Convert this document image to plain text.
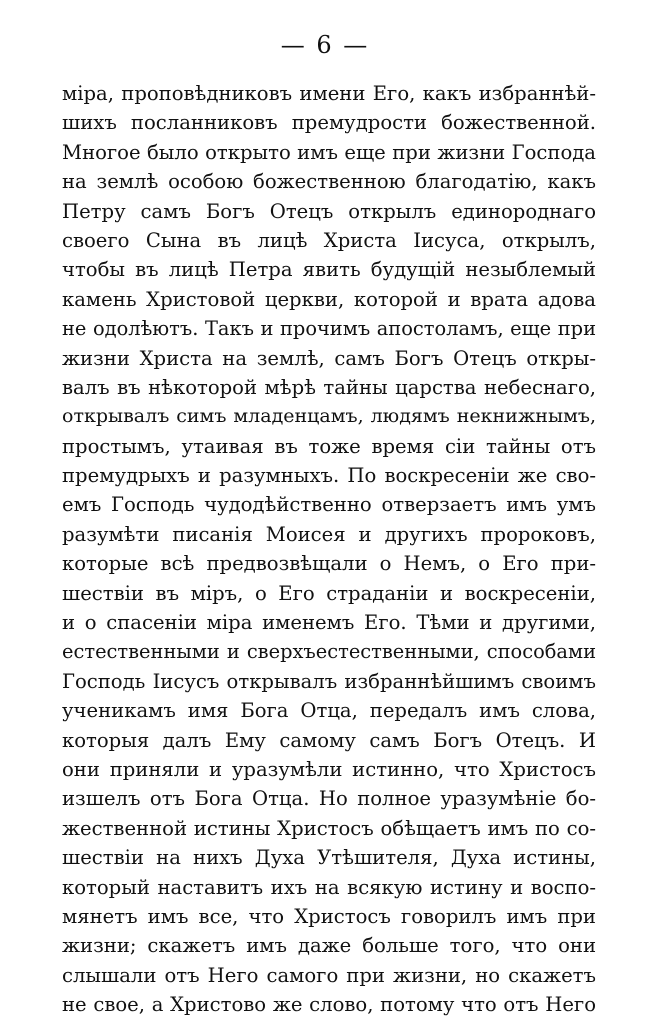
— 6 —
міра, проповѣдниковъ имени Его, какъ избраннѣй-
шихъ посланниковъ премудрости божественной.
Многое было открыто имъ еще при жизни Господа
на землѣ особою божественною благодатію, какъ
Петру самъ Богъ Отецъ открылъ единороднаго
своего Сына въ лицѣ Христа Іисуса, открылъ,
чтобы въ лицѣ Петра явить будущій незыблемый
камень Христовой церкви, которой и врата адова
не одолѣютъ. Такъ и прочимъ апостоламъ, еще при
жизни Христа на землѣ, самъ Богъ Отецъ откры-
валъ въ нѣкоторой мѣрѣ тайны царства небеснаго,
открывалъ симъ младенцамъ, людямъ некнижнымъ,
простымъ, утаивая въ тоже время сіи тайны отъ
премудрыхъ и разумныхъ. По воскресеніи же сво-
емъ Господь чудодѣйственно отверзаетъ имъ умъ
разумѣти писанія Моисея и другихъ пророковъ,
которые всѣ предвозвѣщали о Немъ, о Его при-
шествіи въ міръ, о Его страданіи и воскресеніи,
и о спасеніи міра именемъ Его. Тѣми и другими,
естественными и сверхъестественными, способами
Господь Іисусъ открывалъ избраннѣйшимъ своимъ
ученикамъ имя Бога Отца, передалъ имъ слова,
которыя далъ Ему самому самъ Богъ Отецъ. И
они приняли и уразумѣли истинно, что Христосъ
изшелъ отъ Бога Отца. Но полное уразумѣніе бо-
жественной истины Христосъ обѣщаетъ имъ по со-
шествіи на нихъ Духа Утѣшителя, Духа истины,
который наставитъ ихъ на всякую истину и воспо-
мянетъ имъ все, что Христосъ говорилъ имъ при
жизни; скажетъ имъ даже больше того, что они
слышали отъ Него самого при жизни, но скажетъ
не свое, а Христово же слово, потому что отъ Него
